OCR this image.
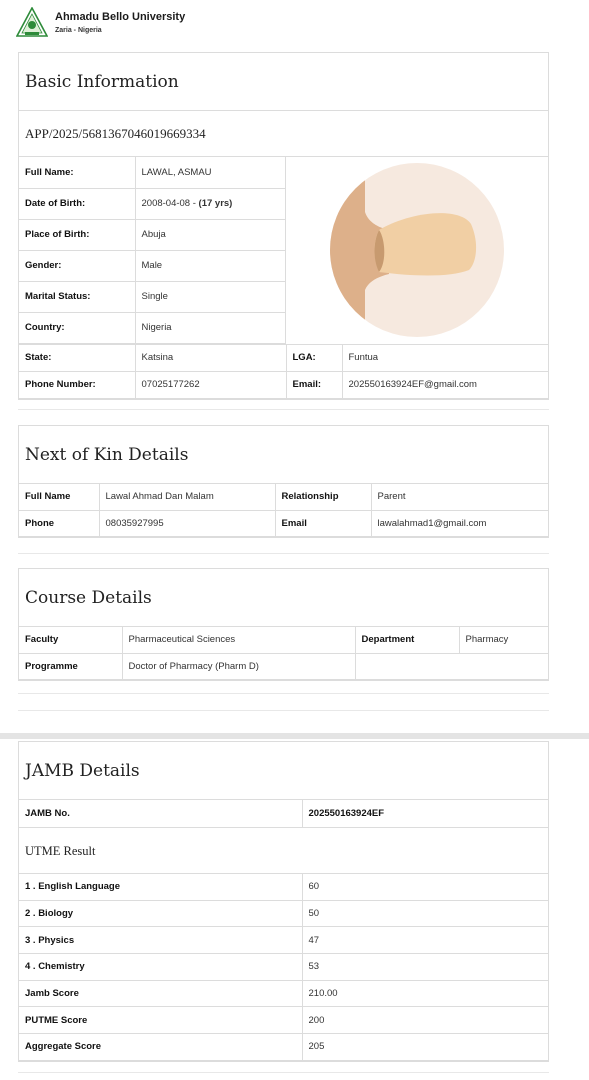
Ahmadu Bello University
Zaria - Nigeria
Basic Information
APP/2025/5681367046019669334
Full Name:	LAWAL, ASMAU
Date of Birth:	2008-04-08 - (17 yrs)
Place of Birth:	Abuja
Gender:	Male
Marital Status:	Single
Country:	Nigeria
State:	Katsina	LGA:	Funtua
Phone Number:	07025177262	Email:	202550163924EF@gmail.com
Next of Kin Details
Full Name	Lawal Ahmad Dan Malam	Relationship	Parent
Phone	08035927995	Email	lawalahmad1@gmail.com
Course Details
Faculty	Pharmaceutical Sciences	Department	Pharmacy
Programme	Doctor of Pharmacy (Pharm D)		
JAMB Details
JAMB No.	202550163924EF
UTME Result
1 . English Language	60
2 . Biology	50
3 . Physics	47
4 . Chemistry	53
Jamb Score	210.00
PUTME Score	200
Aggregate Score	205
